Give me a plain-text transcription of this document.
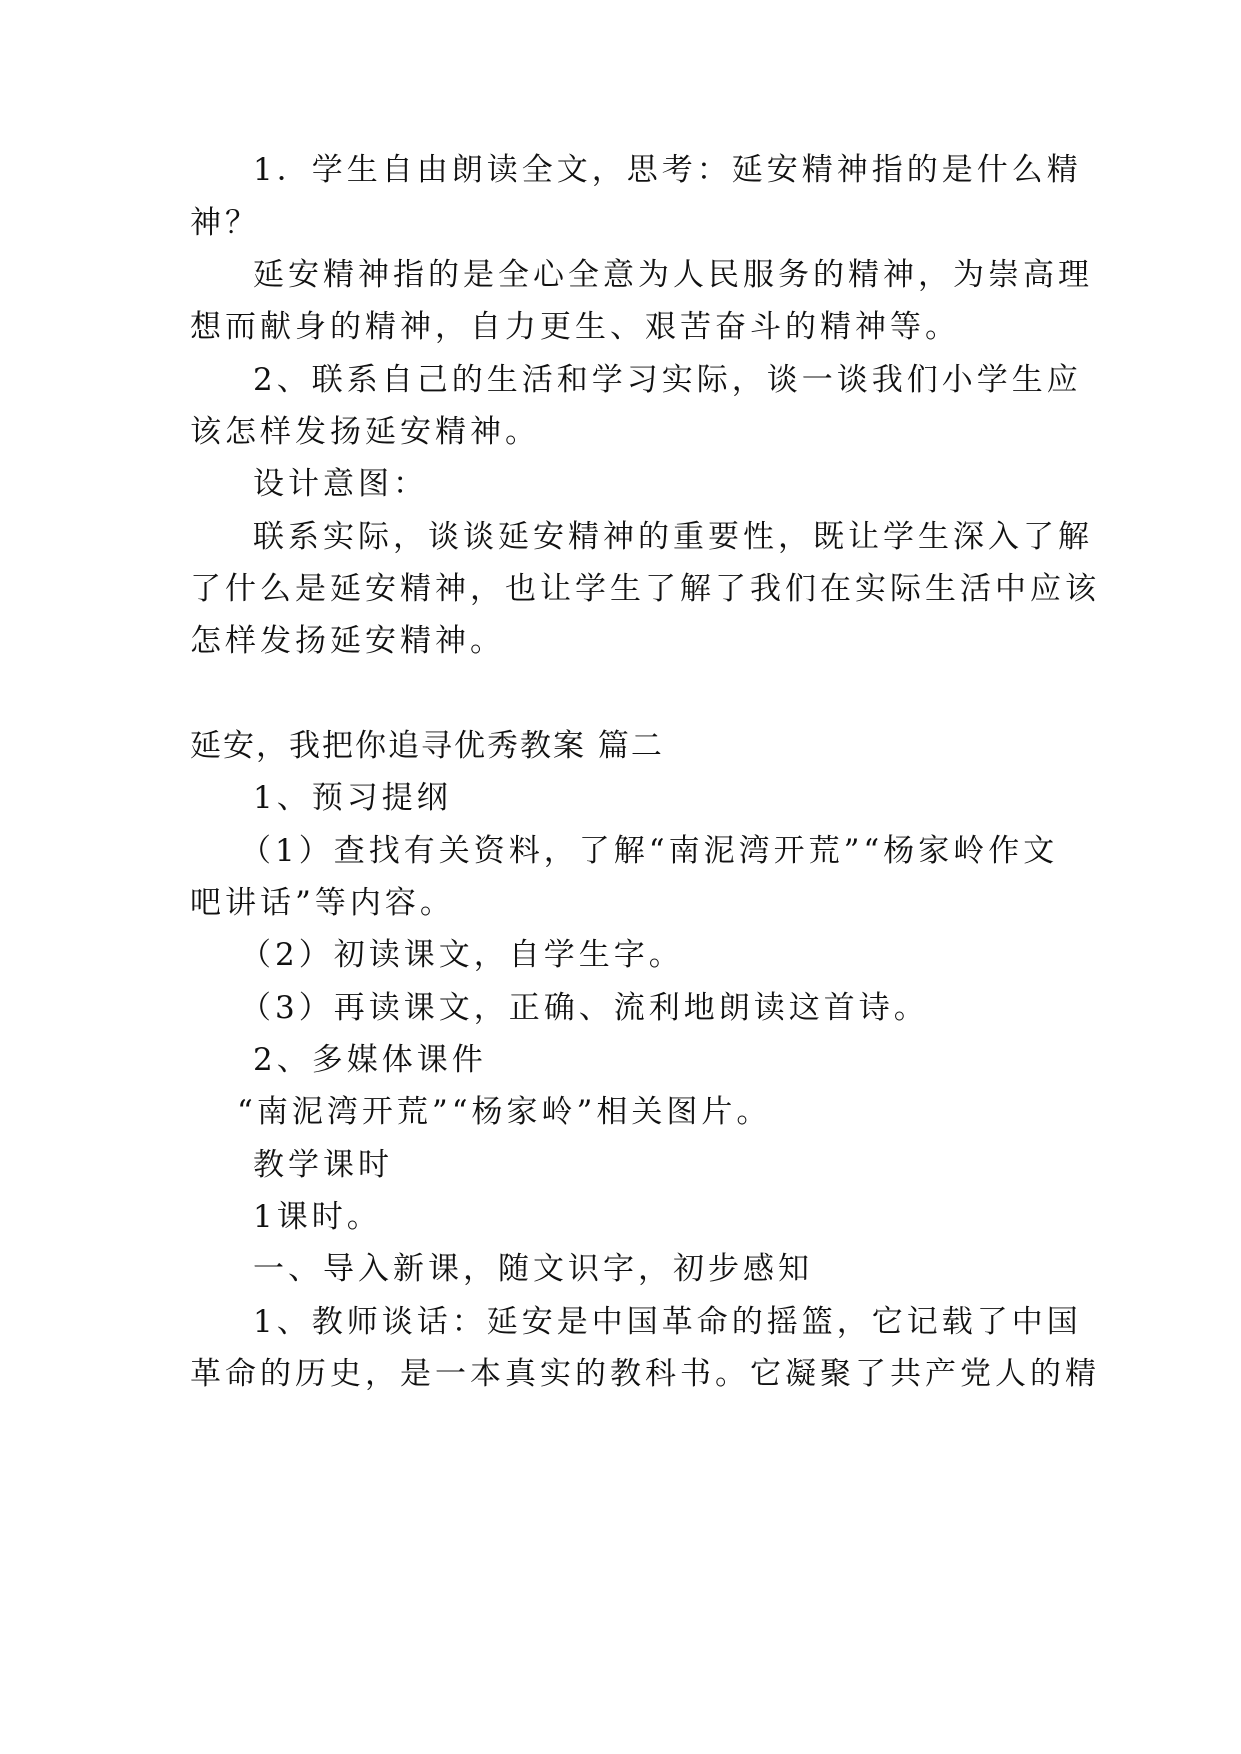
1．学生自由朗读全文，思考：延安精神指的是什么精
神？
延安精神指的是全心全意为人民服务的精神，为崇高理
想而献身的精神，自力更生、艰苦奋斗的精神等。
2、联系自己的生活和学习实际，谈一谈我们小学生应
该怎样发扬延安精神。
设计意图：
联系实际，谈谈延安精神的重要性，既让学生深入了解
了什么是延安精神，也让学生了解了我们在实际生活中应该
怎样发扬延安精神。
延安，我把你追寻优秀教案 篇二
1、预习提纲
（1）查找有关资料，了解“南泥湾开荒”“杨家岭作文
吧讲话”等内容。
（2）初读课文，自学生字。
（3）再读课文，正确、流利地朗读这首诗。
2、多媒体课件
“南泥湾开荒”“杨家岭”相关图片。
教学课时
1课时。
一、导入新课，随文识字，初步感知
1、教师谈话：延安是中国革命的摇篮，它记载了中国
革命的历史，是一本真实的教科书。它凝聚了共产党人的精
